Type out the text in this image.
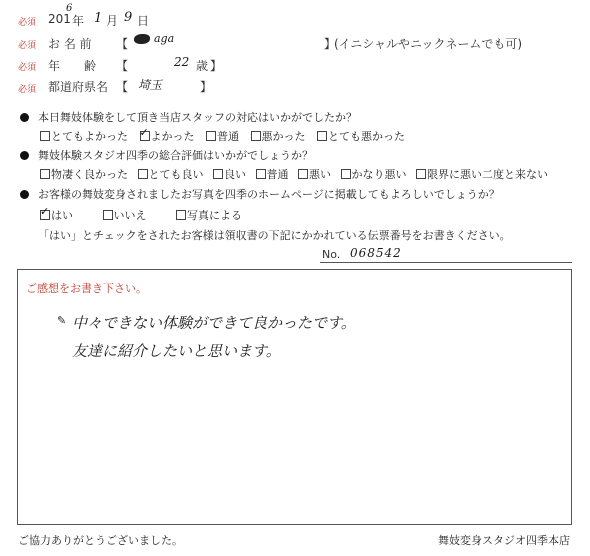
必須 201
6
年 1 月 9 日
必須 お 名 前 【 aga	】
(イニシャルやニックネームでも可)
必須 年　　齢 【	22 歳 】
必須 都道府県名 【 埼玉	】
本日舞妓体験をして頂き当店スタッフの対応はいかがでしたか？
とてもよかった ✓ よかった 普通 悪かった とても悪かった
舞妓体験スタジオ四季の総合評価はいかがでしょうか？
物凄く良かった とても良い 良い 普通 悪い かなり悪い 限界に悪い二度と来ない
お客様の舞妓変身されましたお写真を四季のホームページに掲載してもよろしいでしょうか？
✓はい	いいえ	写真による
「はい」とチェックをされたお客様は領収書の下記にかかれている伝票番号をお書きください。
No. 068542
ご感想をお書き下さい。
✎ 中々できない体験ができて良かったです。
友達に紹介したいと思います。
ご協力ありがとうございました。	舞妓変身スタジオ四季本店
